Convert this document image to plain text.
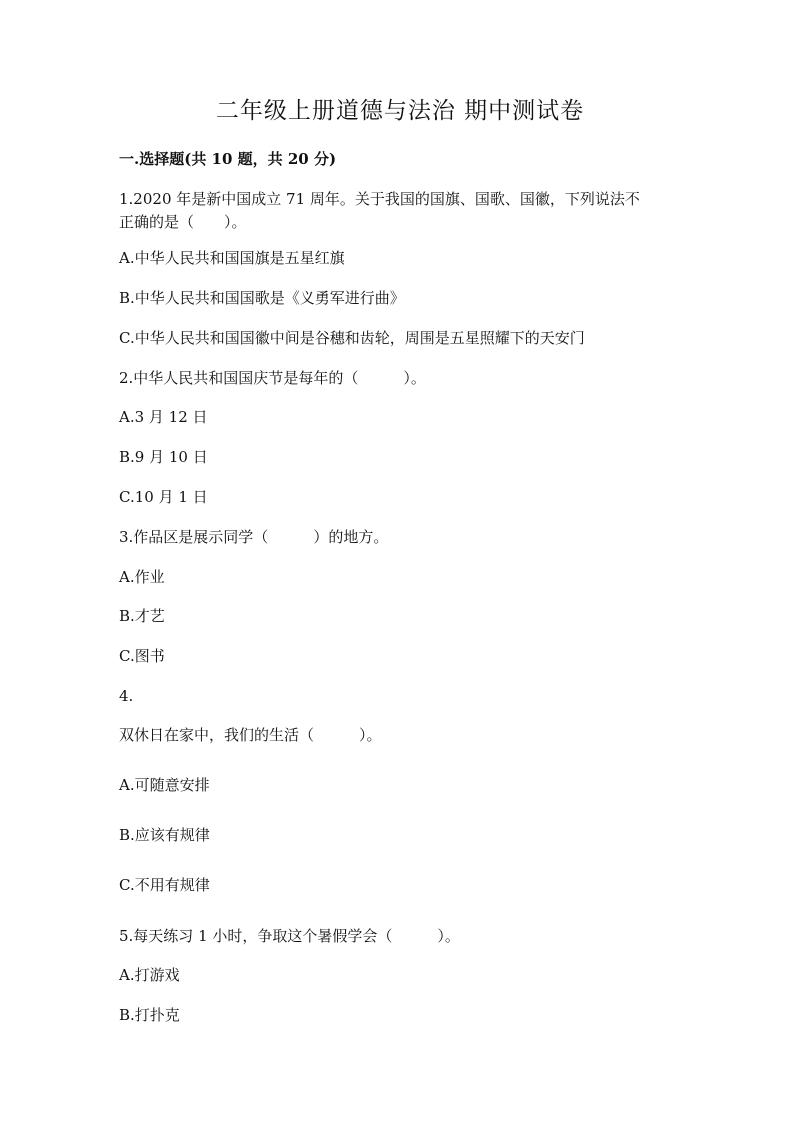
二年级上册道德与法治 期中测试卷
一.选择题(共 10 题，共 20 分)
1.2020 年是新中国成立 71 周年。关于我国的国旗、国歌、国徽，下列说法不
正确的是（　　）。
A.中华人民共和国国旗是五星红旗
B.中华人民共和国国歌是《义勇军进行曲》
C.中华人民共和国国徽中间是谷穗和齿轮，周围是五星照耀下的天安门
2.中华人民共和国国庆节是每年的（　　　）。
A.3 月 12 日
B.9 月 10 日
C.10 月 1 日
3.作品区是展示同学（　　　）的地方。
A.作业
B.才艺
C.图书
4.
双休日在家中，我们的生活（　　　）。
A.可随意安排
B.应该有规律
C.不用有规律
5.每天练习 1 小时，争取这个暑假学会（　　　）。
A.打游戏
B.打扑克
